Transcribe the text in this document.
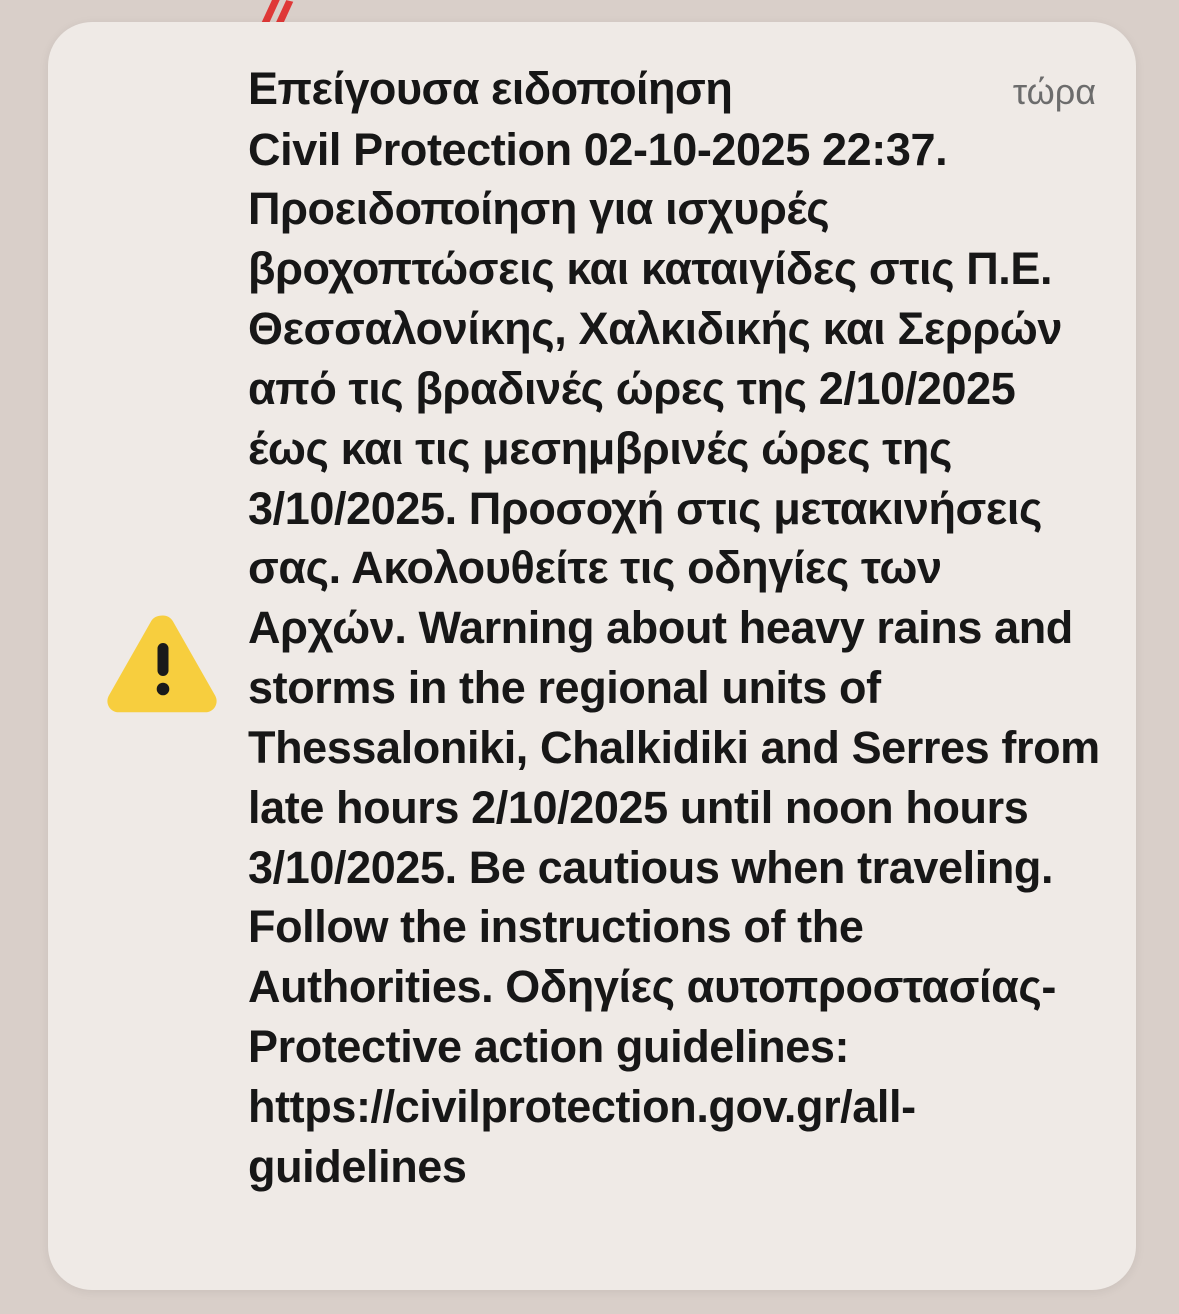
Επείγουσα ειδοποίηση	τώρα
Civil Protection 02-10-2025 22:37. Προειδοποίηση για ισχυρές βροχοπτώσεις και καταιγίδες στις Π.Ε. Θεσσαλονίκης, Χαλκιδικής και Σερρών από τις βραδινές ώρες της 2/10/2025 έως και τις μεσημβρινές ώρες της 3/10/2025. Προσοχή στις μετακινήσεις σας. Ακολουθείτε τις οδηγίες των Αρχών. Warning about heavy rains and storms in the regional units of Thessaloniki, Chalkidiki and Serres from late hours 2/10/2025 until noon hours 3/10/2025. Be cautious when traveling. Follow the instructions of the Authorities. Οδηγίες αυτοπροστασίας-Protective action guidelines: https://civilprotection.gov.gr/all-guidelines
